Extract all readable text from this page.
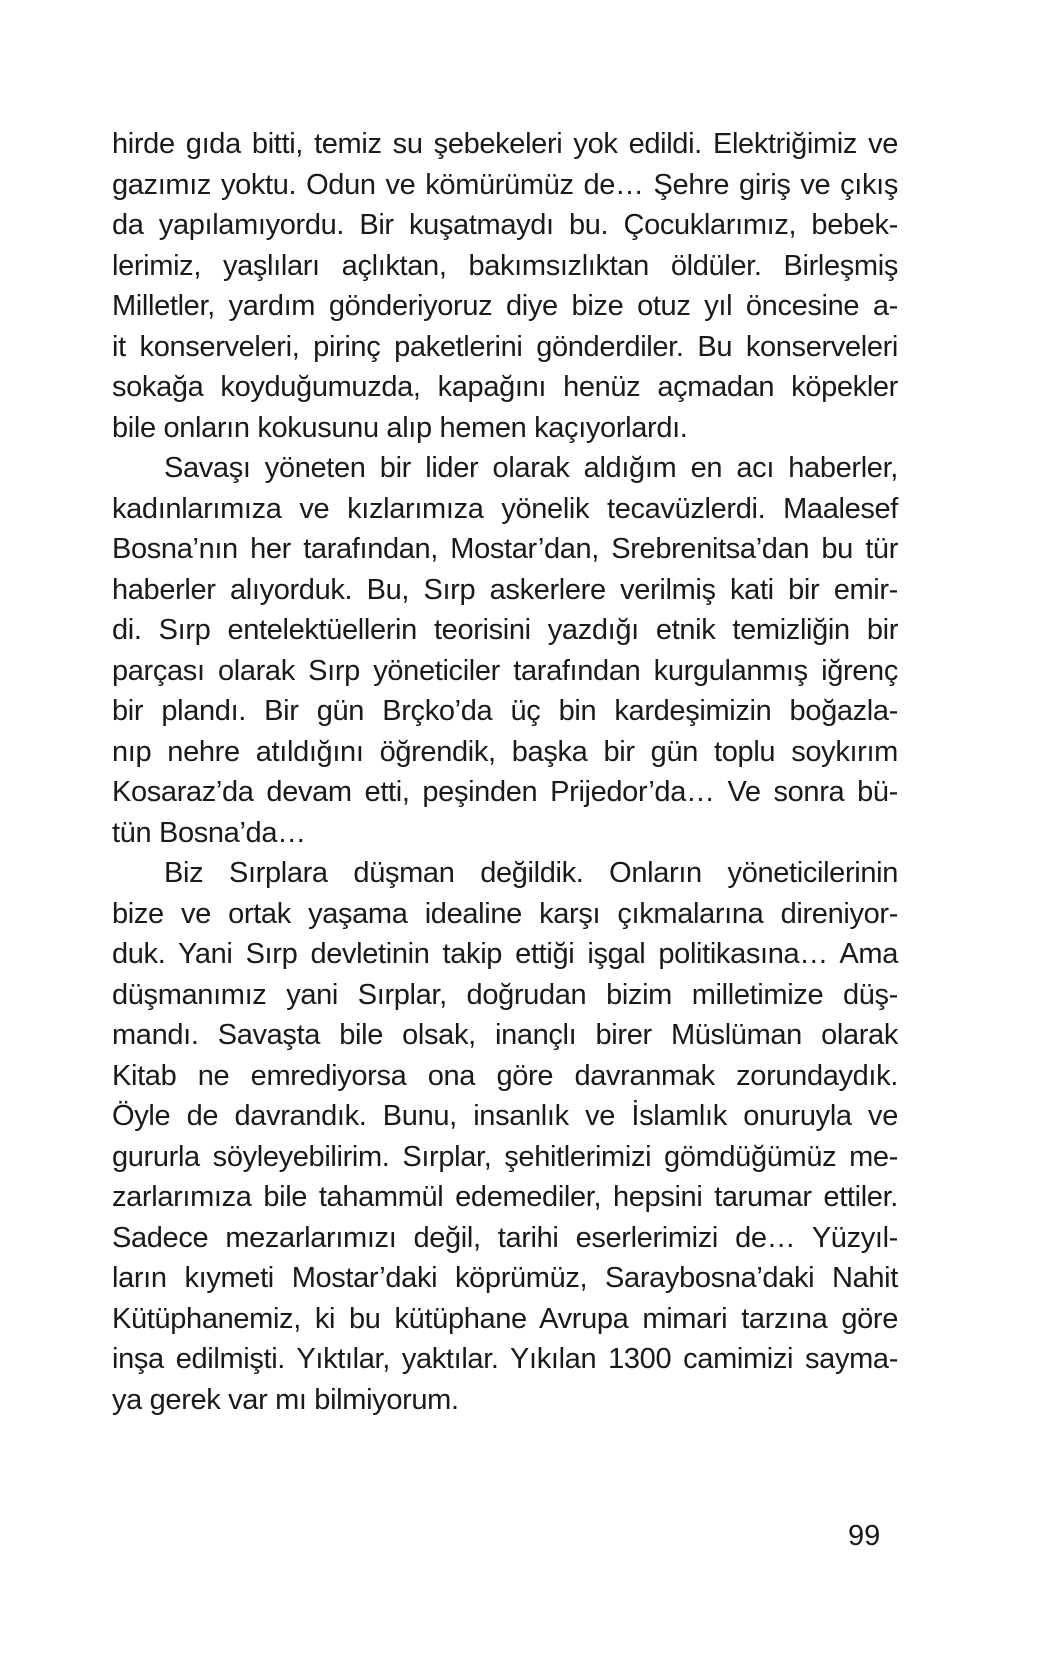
hirde gıda bitti, temiz su şebekeleri yok edildi. Elektriğimiz ve
gazımız yoktu. Odun ve kömürümüz de… Şehre giriş ve çıkış
da yapılamıyordu. Bir kuşatmaydı bu. Çocuklarımız, bebek-
lerimiz, yaşlıları açlıktan, bakımsızlıktan öldüler. Birleşmiş
Milletler, yardım gönderiyoruz diye bize otuz yıl öncesine a-
it konserveleri, pirinç paketlerini gönderdiler. Bu konserveleri
sokağa koyduğumuzda, kapağını henüz açmadan köpekler
bile onların kokusunu alıp hemen kaçıyorlardı.
Savaşı yöneten bir lider olarak aldığım en acı haberler,
kadınlarımıza ve kızlarımıza yönelik tecavüzlerdi. Maalesef
Bosna’nın her tarafından, Mostar’dan, Srebrenitsa’dan bu tür
haberler alıyorduk. Bu, Sırp askerlere verilmiş kati bir emir-
di. Sırp entelektüellerin teorisini yazdığı etnik temizliğin bir
parçası olarak Sırp yöneticiler tarafından kurgulanmış iğrenç
bir plandı. Bir gün Brçko’da üç bin kardeşimizin boğazla-
nıp nehre atıldığını öğrendik, başka bir gün toplu soykırım
Kosaraz’da devam etti, peşinden Prijedor’da… Ve sonra bü-
tün Bosna’da…
Biz Sırplara düşman değildik. Onların yöneticilerinin
bize ve ortak yaşama idealine karşı çıkmalarına direniyor-
duk. Yani Sırp devletinin takip ettiği işgal politikasına… Ama
düşmanımız yani Sırplar, doğrudan bizim milletimize düş-
mandı. Savaşta bile olsak, inançlı birer Müslüman olarak
Kitab ne emrediyorsa ona göre davranmak zorundaydık.
Öyle de davrandık. Bunu, insanlık ve İslamlık onuruyla ve
gururla söyleyebilirim. Sırplar, şehitlerimizi gömdüğümüz me-
zarlarımıza bile tahammül edemediler, hepsini tarumar ettiler.
Sadece mezarlarımızı değil, tarihi eserlerimizi de… Yüzyıl-
ların kıymeti Mostar’daki köprümüz, Saraybosna’daki Nahit
Kütüphanemiz, ki bu kütüphane Avrupa mimari tarzına göre
inşa edilmişti. Yıktılar, yaktılar. Yıkılan 1300 camimizi sayma-
ya gerek var mı bilmiyorum.
99
